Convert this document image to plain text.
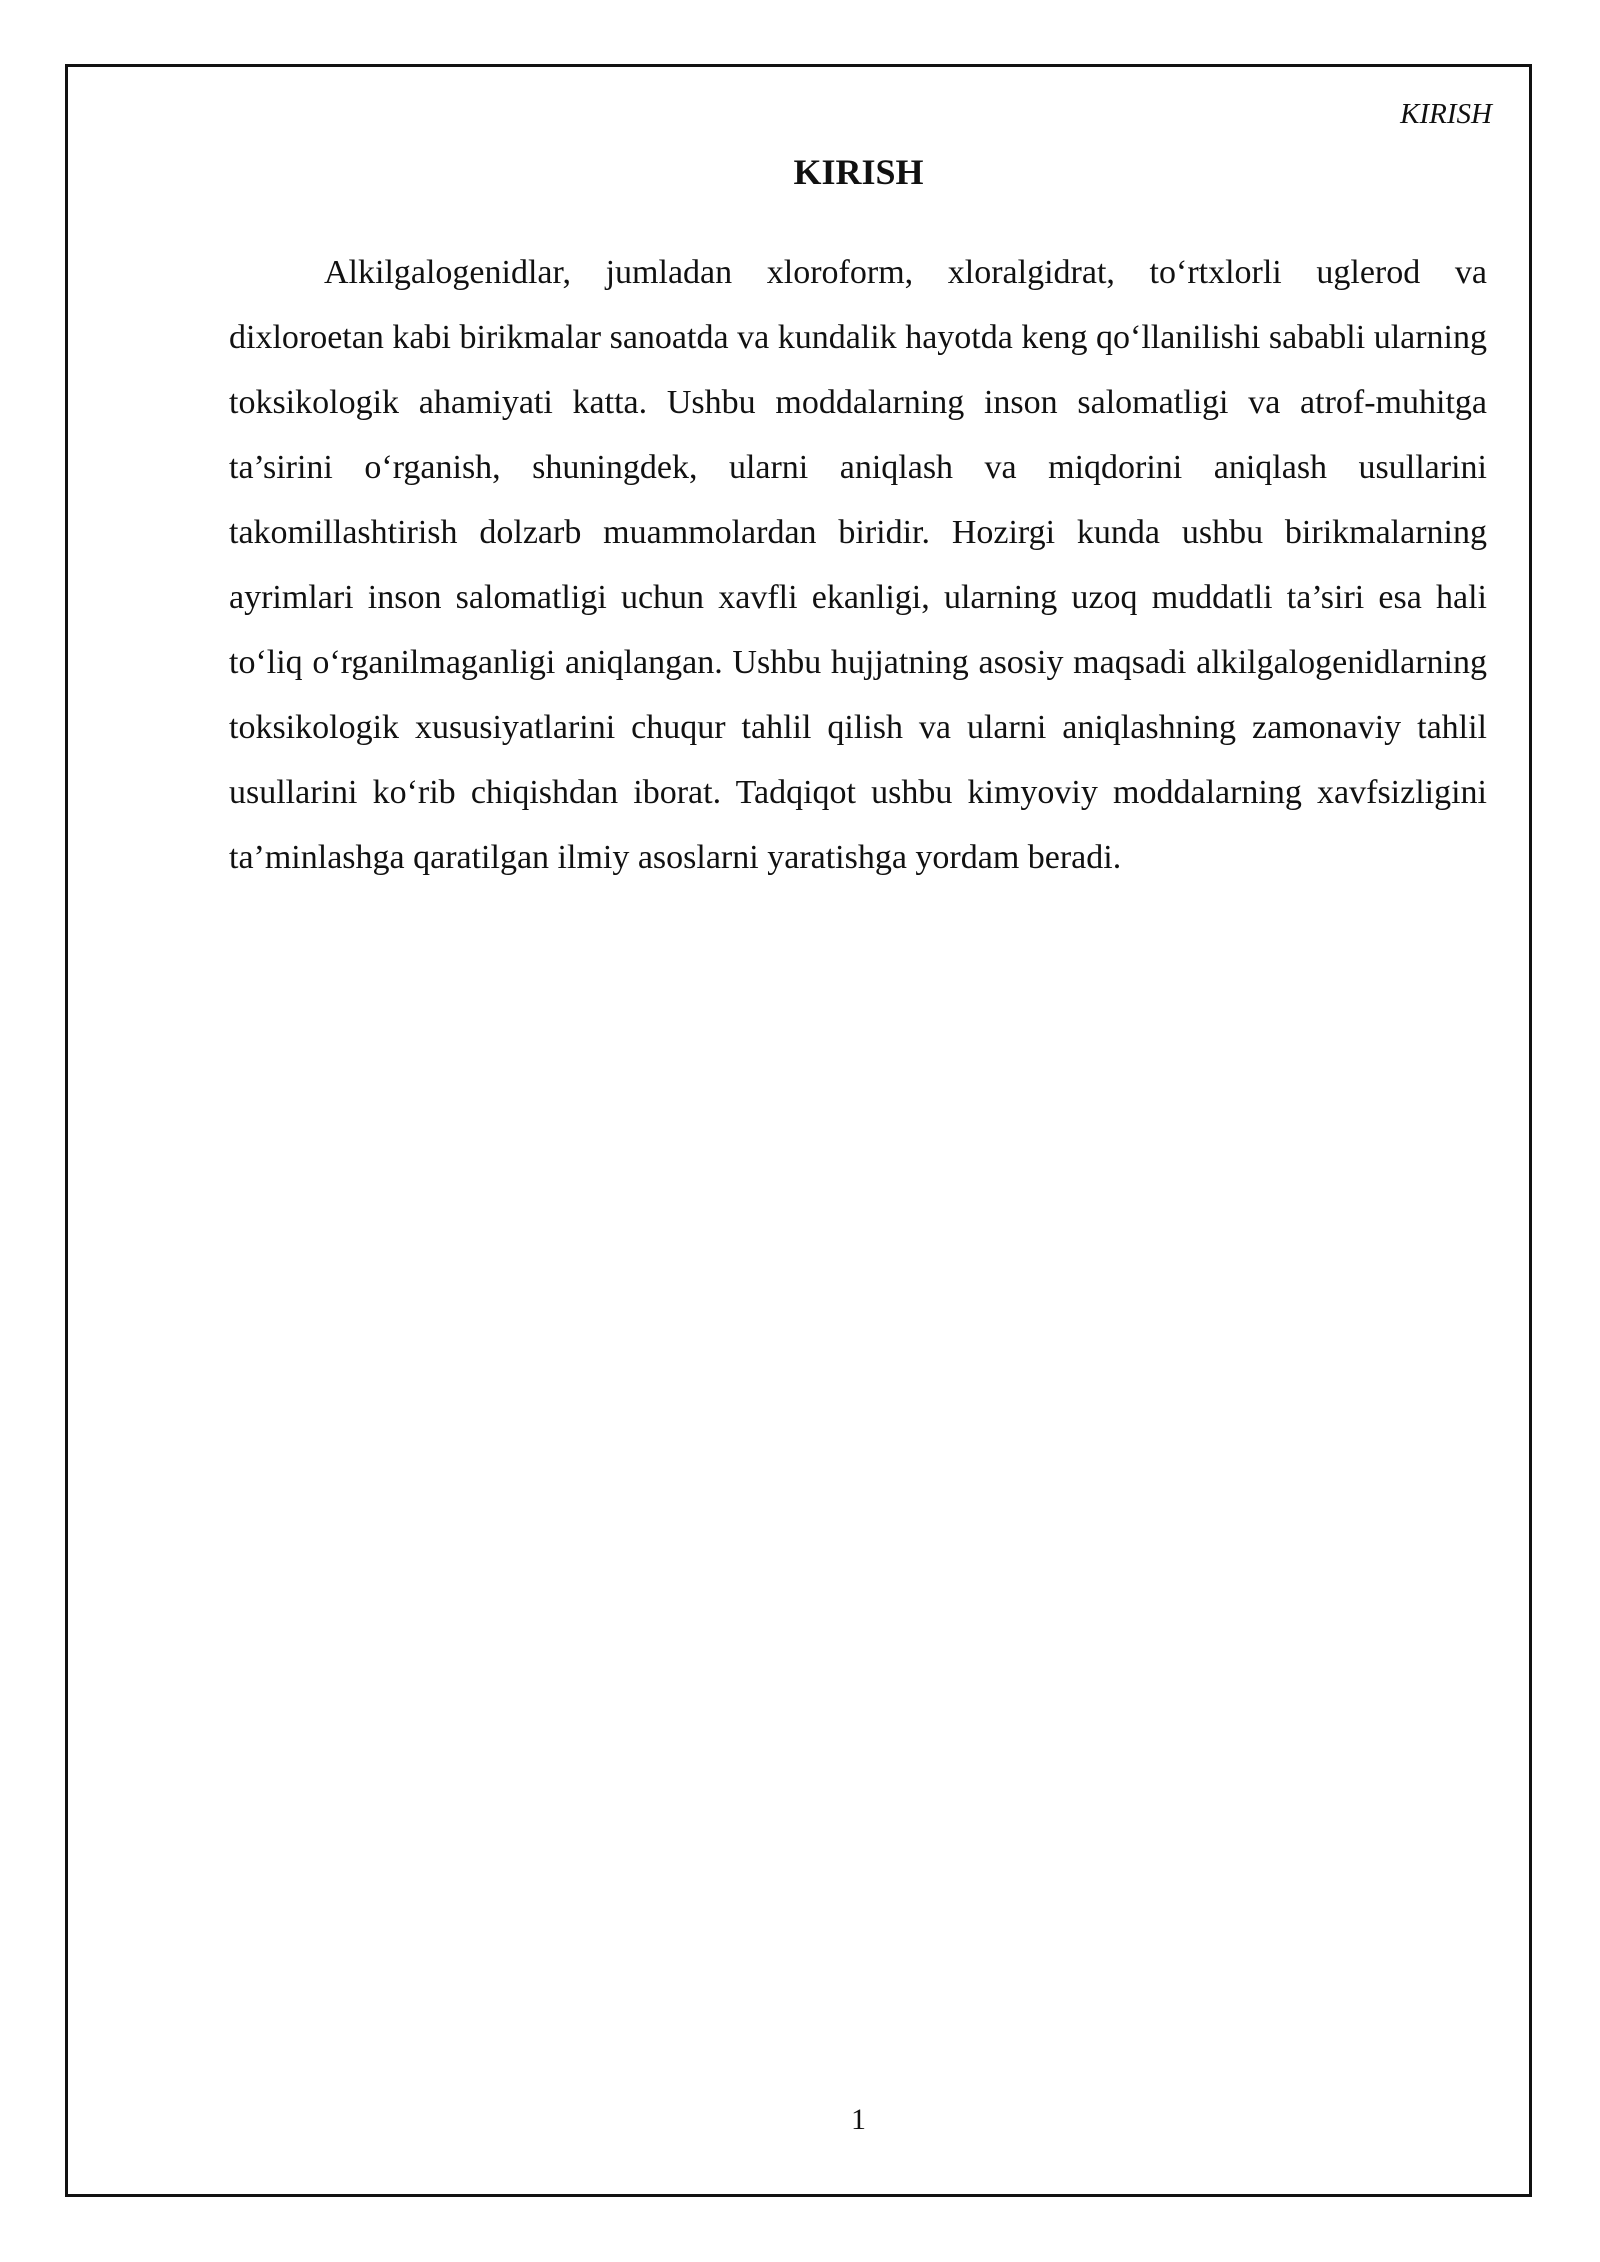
KIRISH
KIRISH

Alkilgalogenidlar, jumladan xloroform, xloralgidrat, to‘rtxlorli uglerod va dixloroetan kabi birikmalar sanoatda va kundalik hayotda keng qo‘llanilishi sababli ularning toksikologik ahamiyati katta. Ushbu moddalarning inson salomatligi va atrof-muhitga ta’sirini o‘rganish, shuningdek, ularni aniqlash va miqdorini aniqlash usullarini takomillashtirish dolzarb muammolardan biridir. Hozirgi kunda ushbu birikmalarning ayrimlari inson salomatligi uchun xavfli ekanligi, ularning uzoq muddatli ta’siri esa hali to‘liq o‘rganilmaganligi aniqlangan. Ushbu hujjatning asosiy maqsadi alkilgalogenidlarning toksikologik xususiyatlarini chuqur tahlil qilish va ularni aniqlashning zamonaviy tahlil usullarini ko‘rib chiqishdan iborat. Tadqiqot ushbu kimyoviy moddalarning xavfsizligini ta’minlashga qaratilgan ilmiy asoslarni yaratishga yordam beradi.

1
